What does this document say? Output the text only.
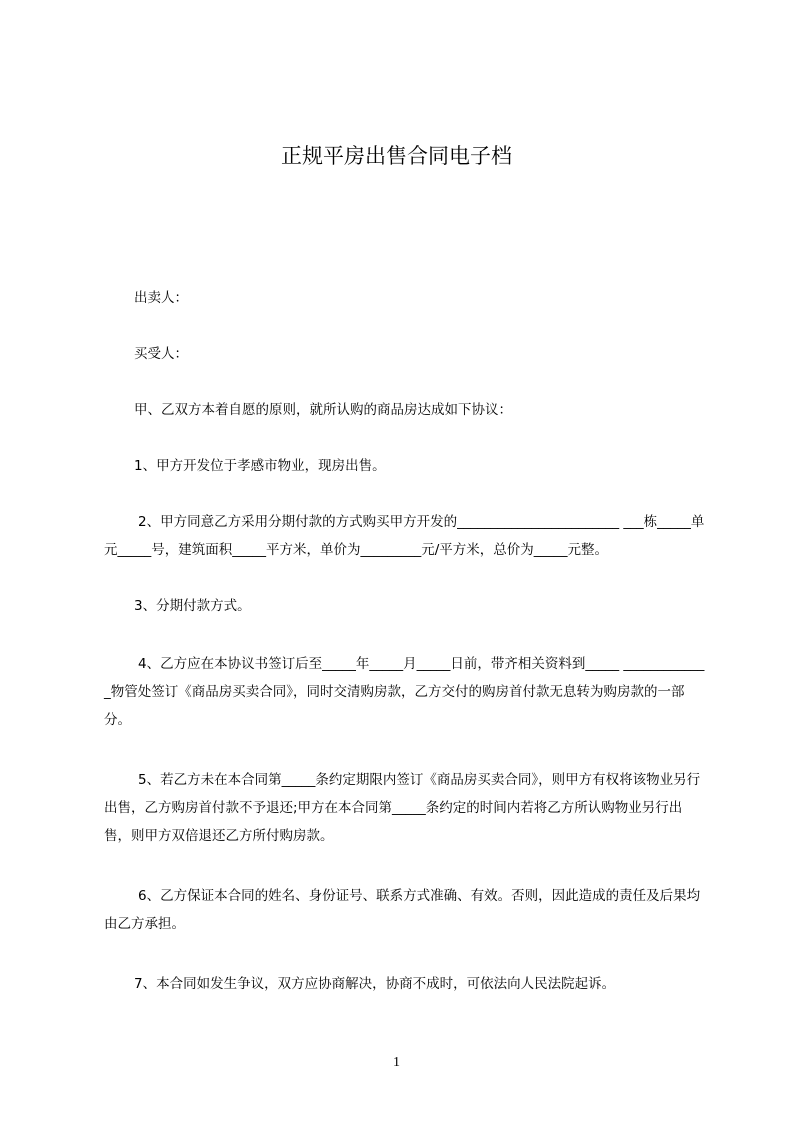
正规平房出售合同电子档

出卖人：

买受人：

甲、乙双方本着自愿的原则，就所认购的商品房达成如下协议：

1、甲方开发位于孝感市物业，现房出售。

2、甲方同意乙方采用分期付款的方式购买甲方开发的________________________ ___栋_____单元_____号，建筑面积_____平方米，单价为_________元/平方米，总价为_____元整。

3、分期付款方式。

4、乙方应在本协议书签订后至_____年_____月_____日前，带齐相关资料到_____ _____________物管处签订《商品房买卖合同》，同时交清购房款，乙方交付的购房首付款无息转为购房款的一部分。

5、若乙方未在本合同第_____条约定期限内签订《商品房买卖合同》，则甲方有权将该物业另行出售，乙方购房首付款不予退还;甲方在本合同第_____条约定的时间内若将乙方所认购物业另行出售，则甲方双倍退还乙方所付购房款。

6、乙方保证本合同的姓名、身份证号、联系方式准确、有效。否则，因此造成的责任及后果均由乙方承担。

7、本合同如发生争议，双方应协商解决，协商不成时，可依法向人民法院起诉。

1
